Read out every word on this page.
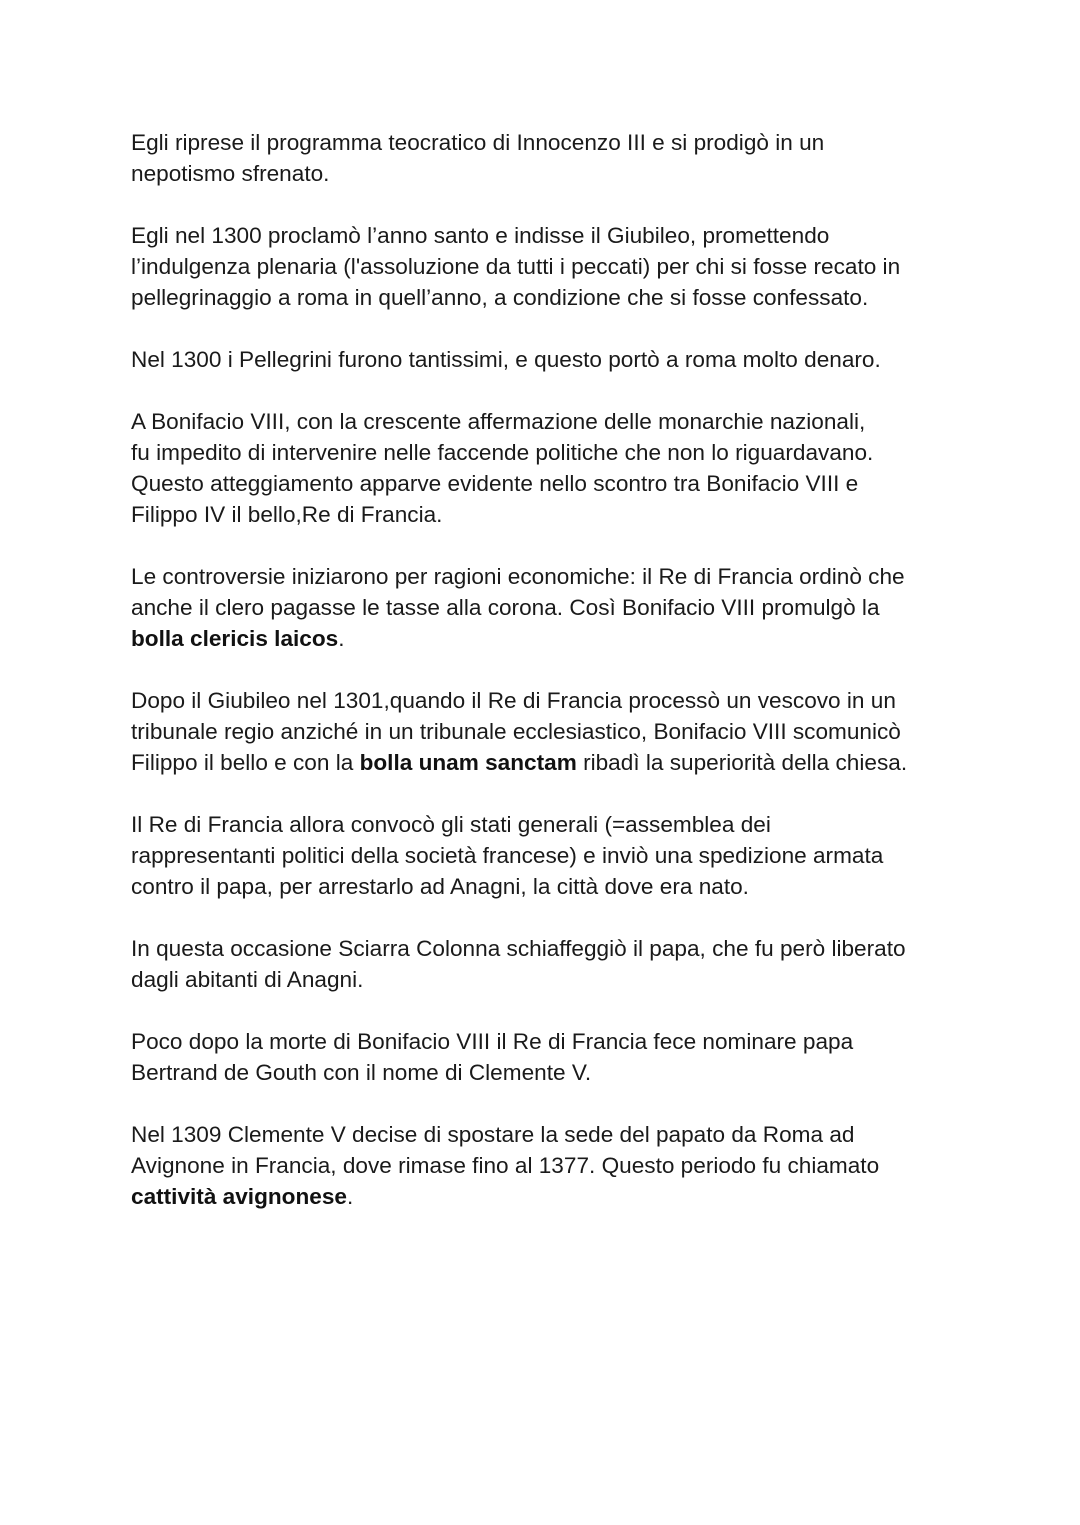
Egli riprese il programma teocratico di Innocenzo III e si prodigò in un
nepotismo sfrenato.

Egli nel 1300 proclamò l’anno santo e indisse il Giubileo, promettendo
l’indulgenza plenaria (l'assoluzione da tutti i peccati) per chi si fosse recato in
pellegrinaggio a roma in quell’anno, a condizione che si fosse confessato.

Nel 1300 i Pellegrini furono tantissimi, e questo portò a roma molto denaro.

A Bonifacio VIII, con la crescente affermazione delle monarchie nazionali,
fu impedito di intervenire nelle faccende politiche che non lo riguardavano.
Questo atteggiamento apparve evidente nello scontro tra Bonifacio VIII e
Filippo IV il bello,Re di Francia.

Le controversie iniziarono per ragioni economiche: il Re di Francia ordinò che
anche il clero pagasse le tasse alla corona. Così Bonifacio VIII promulgò la
bolla clericis laicos.

Dopo il Giubileo nel 1301,quando il Re di Francia processò un vescovo in un
tribunale regio anziché in un tribunale ecclesiastico, Bonifacio VIII scomunicò
Filippo il bello e con la bolla unam sanctam ribadì la superiorità della chiesa.

Il Re di Francia allora convocò gli stati generali (=assemblea dei
rappresentanti politici della società francese) e inviò una spedizione armata
contro il papa, per arrestarlo ad Anagni, la città dove era nato.

In questa occasione Sciarra Colonna schiaffeggiò il papa, che fu però liberato
dagli abitanti di Anagni.

Poco dopo la morte di Bonifacio VIII il Re di Francia fece nominare papa
Bertrand de Gouth con il nome di Clemente V.

Nel 1309 Clemente V decise di spostare la sede del papato da Roma ad
Avignone in Francia, dove rimase fino al 1377. Questo periodo fu chiamato
cattività avignonese.
